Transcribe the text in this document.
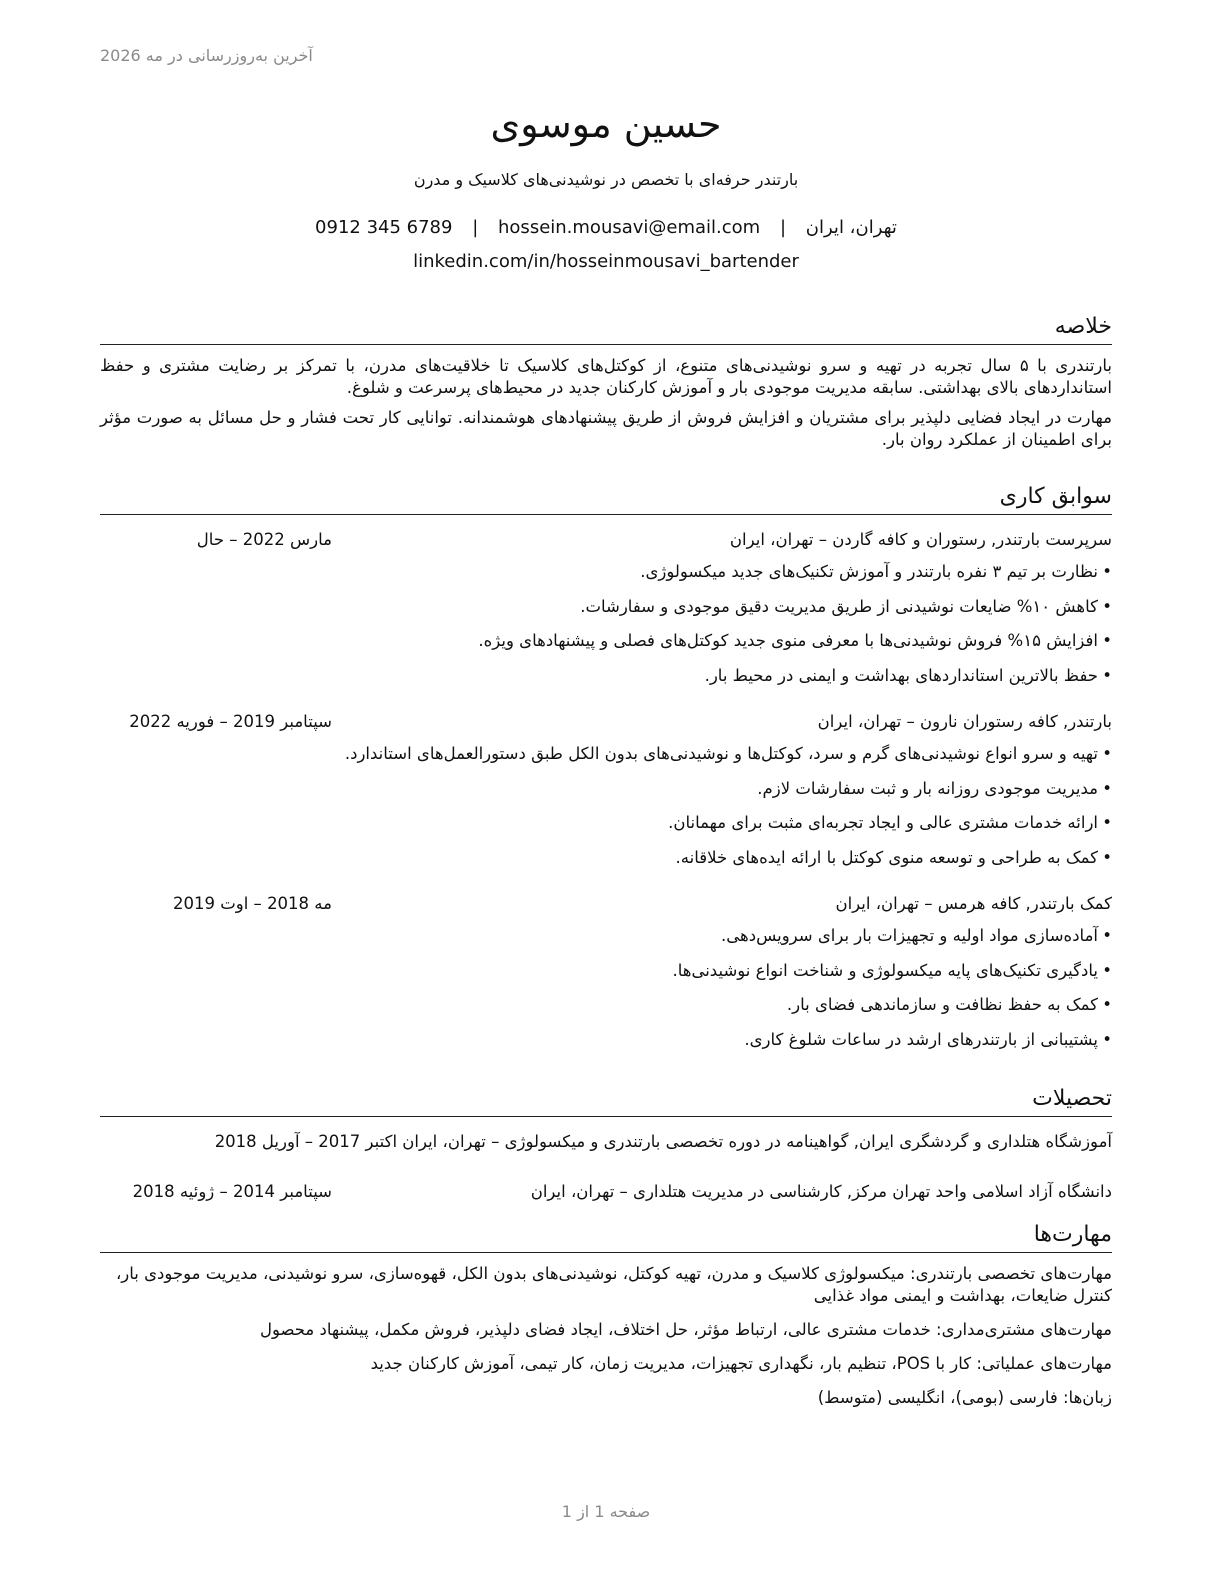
آخرین به‌روزرسانی در مه 2026
حسین موسوی
بارتندر حرفه‌ای با تخصص در نوشیدنی‌های کلاسیک و مدرن
0912 345 6789 | hossein.mousavi@email.com | تهران، ایران
linkedin.com/in/hosseinmousavi_bartender
خلاصه

بارتندری با ۵ سال تجربه در تهیه و سرو نوشیدنی‌های متنوع، از کوکتل‌های کلاسیک تا خلاقیت‌های مدرن، با تمرکز بر رضایت مشتری و حفظ استانداردهای بالای بهداشتی. سابقه مدیریت موجودی بار و آموزش کارکنان جدید در محیط‌های پرسرعت و شلوغ.

مهارت در ایجاد فضایی دلپذیر برای مشتریان و افزایش فروش از طریق پیشنهادهای هوشمندانه. توانایی کار تحت فشار و حل مسائل به صورت مؤثر برای اطمینان از عملکرد روان بار.

سوابق کاری
سرپرست بارتندر, رستوران و کافه گاردن – تهران، ایران
مارس 2022 – حال
•نظارت بر تیم ۳ نفره بارتندر و آموزش تکنیک‌های جدید میکسولوژی.
•کاهش ۱۰% ضایعات نوشیدنی از طریق مدیریت دقیق موجودی و سفارشات.
•افزایش ۱۵% فروش نوشیدنی‌ها با معرفی منوی جدید کوکتل‌های فصلی و پیشنهادهای ویژه.
•حفظ بالاترین استانداردهای بهداشت و ایمنی در محیط بار.
بارتندر, کافه رستوران نارون – تهران، ایران
سپتامبر 2019 – فوریه 2022
•تهیه و سرو انواع نوشیدنی‌های گرم و سرد، کوکتل‌ها و نوشیدنی‌های بدون الکل طبق دستورالعمل‌های استاندارد.
•مدیریت موجودی روزانه بار و ثبت سفارشات لازم.
•ارائه خدمات مشتری عالی و ایجاد تجربه‌ای مثبت برای مهمانان.
•کمک به طراحی و توسعه منوی کوکتل با ارائه ایده‌های خلاقانه.
کمک بارتندر, کافه هرمس – تهران، ایران
مه 2018 – اوت 2019
•آماده‌سازی مواد اولیه و تجهیزات بار برای سرویس‌دهی.
•یادگیری تکنیک‌های پایه میکسولوژی و شناخت انواع نوشیدنی‌ها.
•کمک به حفظ نظافت و سازماندهی فضای بار.
•پشتیبانی از بارتندرهای ارشد در ساعات شلوغ کاری.
تحصیلات
آموزشگاه هتلداری و گردشگری ایران, گواهینامه در دوره تخصصی بارتندری و میکسولوژی – تهران، ایران اکتبر 2017 – آوریل 2018
دانشگاه آزاد اسلامی واحد تهران مرکز, کارشناسی در مدیریت هتلداری – تهران، ایران
سپتامبر 2014 – ژوئیه 2018
مهارت‌ها

مهارت‌های تخصصی بارتندری: میکسولوژی کلاسیک و مدرن، تهیه کوکتل، نوشیدنی‌های بدون الکل، قهوه‌سازی، سرو نوشیدنی، مدیریت موجودی بار، کنترل ضایعات، بهداشت و ایمنی مواد غذایی

مهارت‌های مشتری‌مداری: خدمات مشتری عالی، ارتباط مؤثر، حل اختلاف، ایجاد فضای دلپذیر، فروش مکمل، پیشنهاد محصول

مهارت‌های عملیاتی: کار با POS، تنظیم بار، نگهداری تجهیزات، مدیریت زمان، کار تیمی، آموزش کارکنان جدید

زبان‌ها: فارسی (بومی)، انگلیسی (متوسط)

صفحه 1 از 1
